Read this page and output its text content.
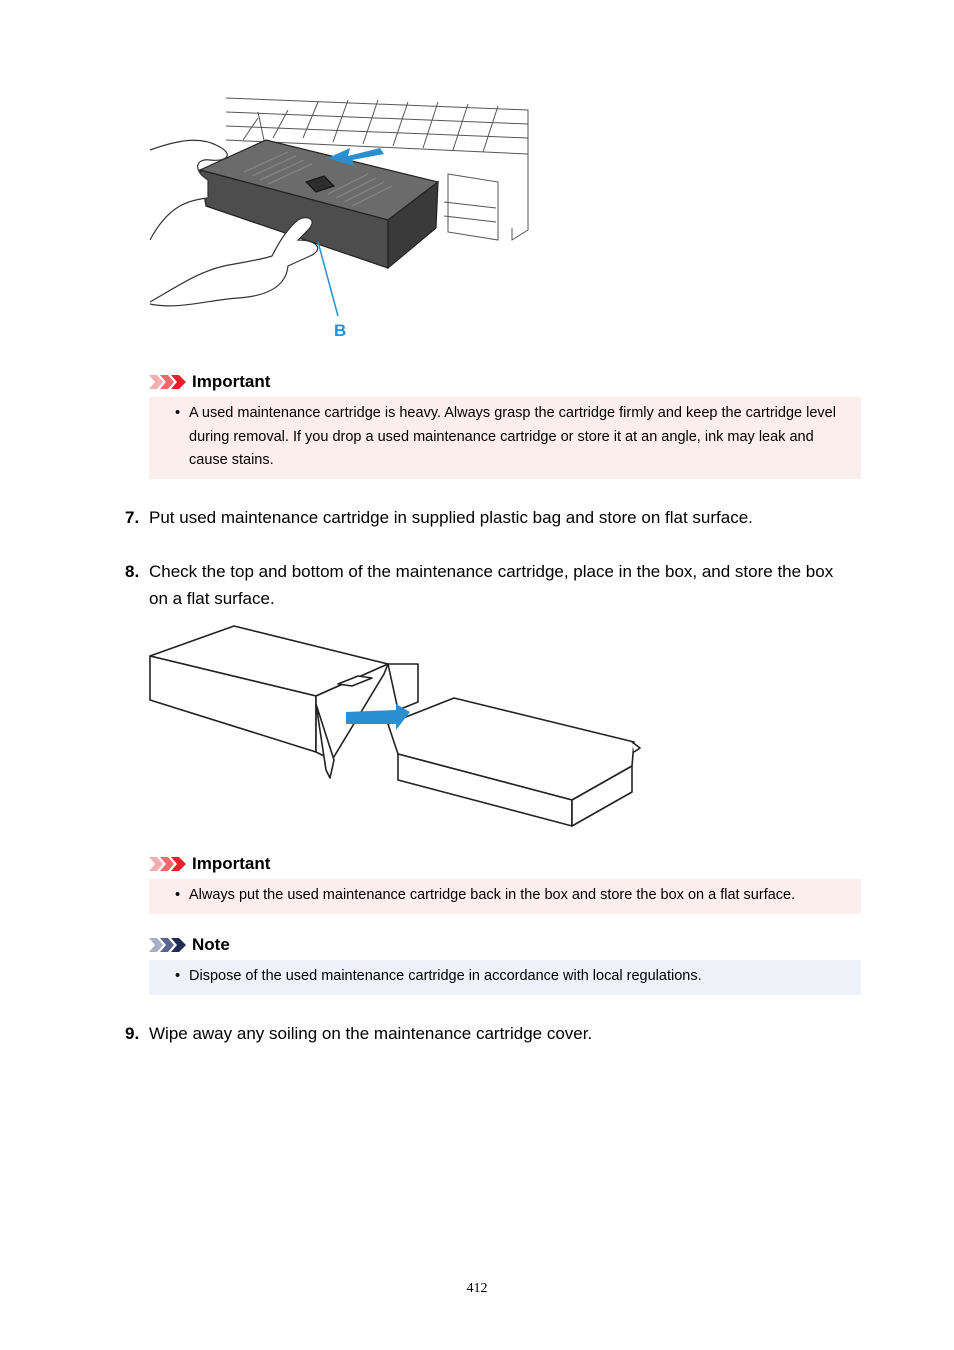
B
Important
• A used maintenance cartridge is heavy. Always grasp the cartridge firmly and keep the cartridge level during removal. If you drop a used maintenance cartridge or store it at an angle, ink may leak and cause stains.
7. Put used maintenance cartridge in supplied plastic bag and store on flat surface.
8. Check the top and bottom of the maintenance cartridge, place in the box, and store the box on a flat surface.
Important
• Always put the used maintenance cartridge back in the box and store the box on a flat surface.
Note
• Dispose of the used maintenance cartridge in accordance with local regulations.
9. Wipe away any soiling on the maintenance cartridge cover.
412
